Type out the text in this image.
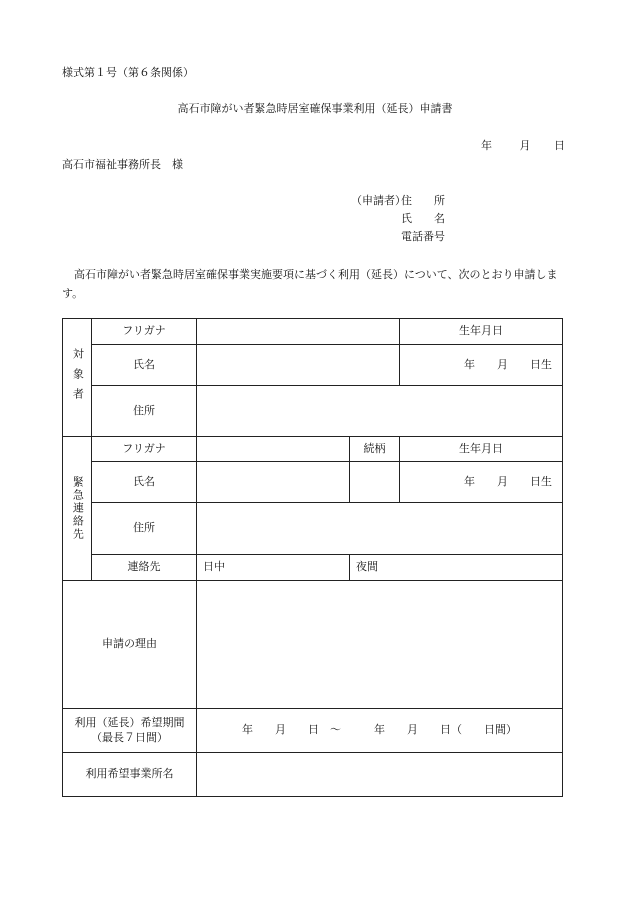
様式第１号（第６条関係）
高石市障がい者緊急時居室確保事業利用（延長）申請書
年	月 日
高石市福祉事務所長　様
（申請者）
住　　所
氏　　名
電話番号

高石市障がい者緊急時居室確保事業実施要項に基づく利用（延長）について、次のとおり申請します。

対象者
フリガナ	生年月日
氏名	年　　月　　日生
住所
緊急連絡先
フリガナ	続柄	生年月日
氏名	年　　月　　日生
住所
連絡先	日中	夜間
申請の理由
利用（延長）希望期間
（最長７日間）
年　　月　　日　〜　　　年　　月　　日（　　日間）
利用希望事業所名
